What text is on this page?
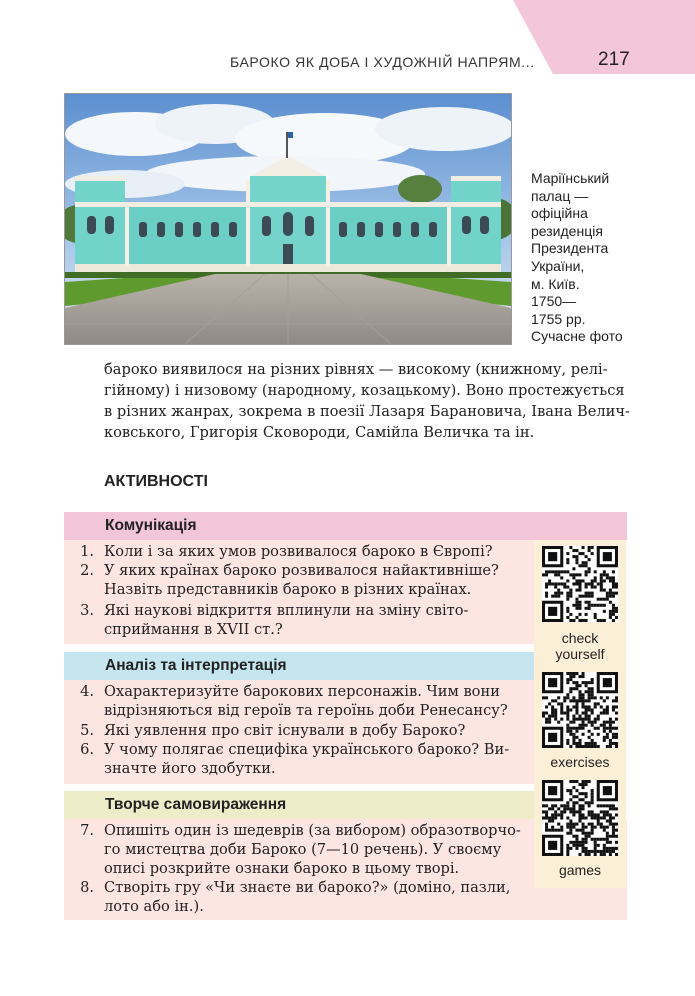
БАРОКО ЯК ДОБА І ХУДОЖНІЙ НАПРЯМ...	217
Маріїнський
палац —
офіційна
резиденція
Президента
України,
м. Київ.
1750—
1755 рр.
Сучасне фото
бароко виявилося на різних рівнях — високому (книжному, релі-
гійному) і низовому (народному, козацькому). Воно простежується
в різних жанрах, зокрема в поезії Лазаря Барановича, Івана Велич-
ковського, Григорія Сковороди, Самійла Величка та ін.
АКТИВНОСТІ
Комунікація
1. Коли і за яких умов розвивалося бароко в Європі?
2. У яких країнах бароко розвивалося найактивніше?
Назвіть представників бароко в різних країнах.
3. Які наукові відкриття вплинули на зміну світо-
сприймання в XVII ст.?
Аналіз та інтерпретація
4. Охарактеризуйте барокових персонажів. Чим вони
відрізняються від героїв та героїнь доби Ренесансу?
5. Які уявлення про світ існували в добу Бароко?
6. У чому полягає специфіка українського бароко? Ви-
значте його здобутки.
Творче самовираження
7. Опишіть один із шедеврів (за вибором) образотворчо-
го мистецтва доби Бароко (7—10 речень). У своєму
описі розкрийте ознаки бароко в цьому творі.
8. Створіть гру «Чи знаєте ви бароко?» (доміно, пазли,
лото або ін.).
check
yourself
exercises
games
